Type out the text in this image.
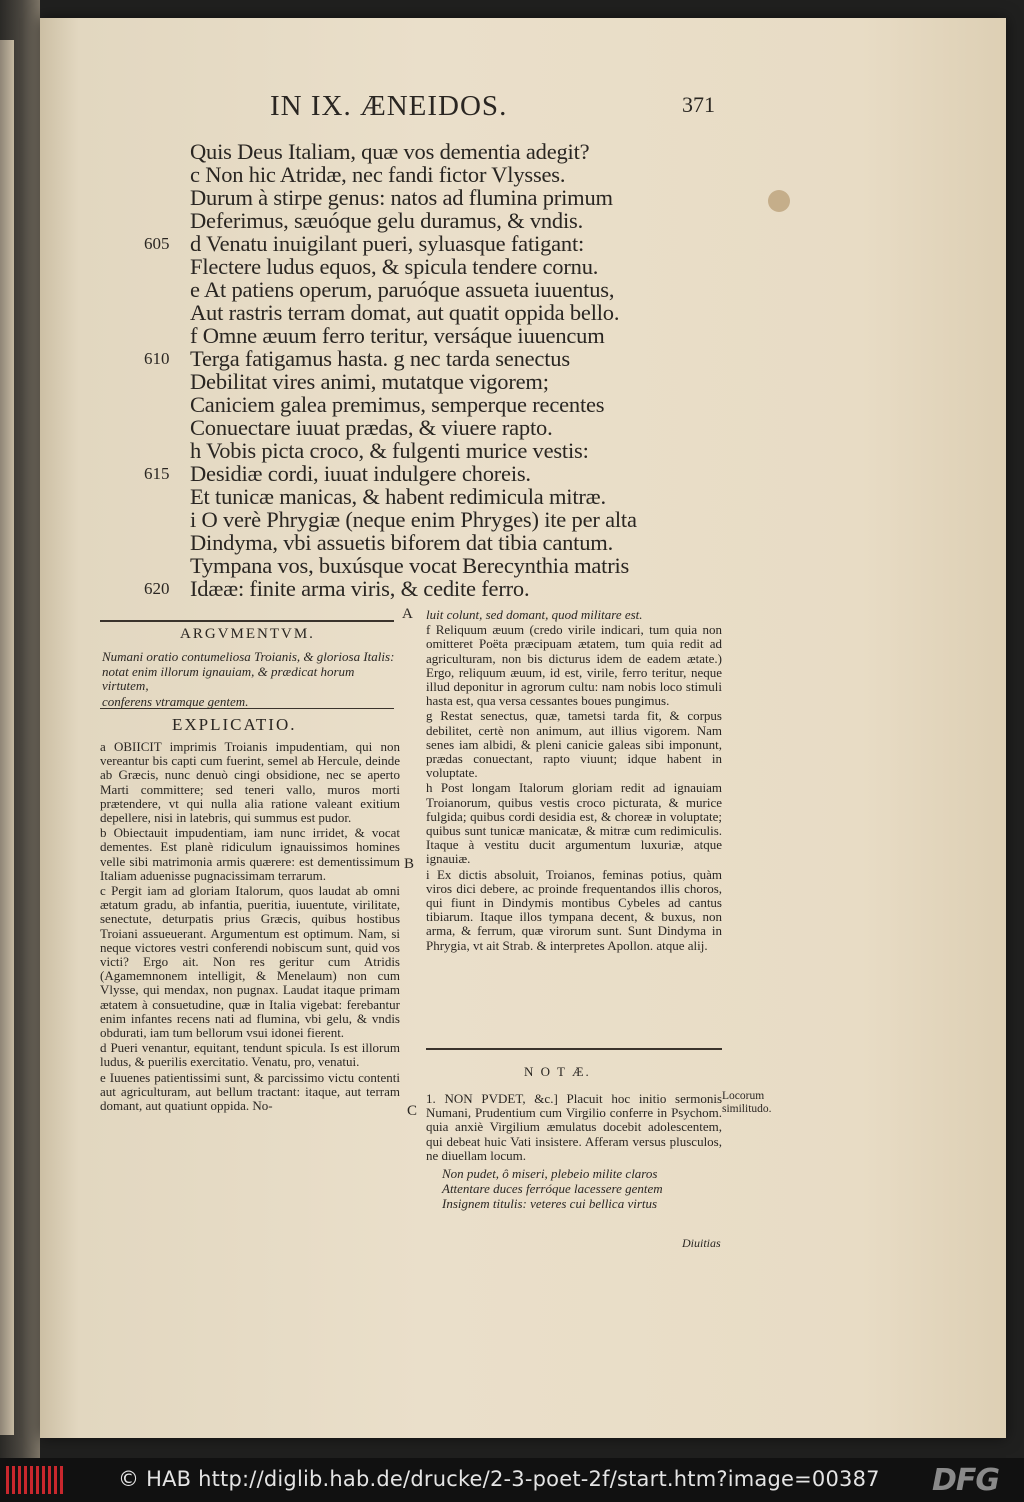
IN IX. ÆNEIDOS.	371
Quis Deus Italiam, quæ vos dementia adegit?
c Non hic Atridæ, nec fandi fictor Vlysses.
Durum à stirpe genus: natos ad flumina primum
Deferimus, sæuóque gelu duramus, & vndis.
d Venatu inuigilant pueri, syluasque fatigant:
Flectere ludus equos, & spicula tendere cornu.
e At patiens operum, paruóque assueta iuuentus,
Aut rastris terram domat, aut quatit oppida bello.
f Omne æuum ferro teritur, versáque iuuencum
Terga fatigamus hasta. g nec tarda senectus
Debilitat vires animi, mutatque vigorem;
Caniciem galea premimus, semperque recentes
Conuectare iuuat prædas, & viuere rapto.
h Vobis picta croco, & fulgenti murice vestis:
Desidiæ cordi, iuuat indulgere choreis.
Et tunicæ manicas, & habent redimicula mitræ.
i O verè Phrygiæ (neque enim Phryges) ite per alta
Dindyma, vbi assuetis biforem dat tibia cantum.
Tympana vos, buxúsque vocat Berecynthia matris
Idææ: finite arma viris, & cedite ferro.
605
610
615
620
ARGVMENTVM.

Numani oratio contumeliosa Troianis, & gloriosa Italis:

notat enim illorum ignauiam, & prædicat horum virtutem,

conferens vtramque gentem.

EXPLICATIO.

a OBIICIT imprimis Troianis impudentiam, qui non vereantur bis capti cum fuerint, semel ab Hercule, deinde ab Græcis, nunc denuò cingi obsidione, nec se aperto Marti committere; sed teneri vallo, muros morti prætendere, vt qui nulla alia ratione valeant exitium depellere, nisi in latebris, qui summus est pudor.

b Obiectauit impudentiam, iam nunc irridet, & vocat dementes. Est planè ridiculum ignauissimos homines velle sibi matrimonia armis quærere: est dementissimum Italiam aduenisse pugnacissimam terrarum.

c Pergit iam ad gloriam Italorum, quos laudat ab omni ætatum gradu, ab infantia, pueritia, iuuentute, virilitate, senectute, deturpatis prius Græcis, quibus hostibus Troiani assueuerant. Argumentum est optimum. Nam, si neque victores vestri conferendi nobiscum sunt, quid vos victi? Ergo ait. Non res geritur cum Atridis (Agamemnonem intelligit, & Menelaum) non cum Vlysse, qui mendax, non pugnax. Laudat itaque primam ætatem à consuetudine, quæ in Italia vigebat: ferebantur enim infantes recens nati ad flumina, vbi gelu, & vndis obdurati, iam tum bellorum vsui idonei fierent.

d Pueri venantur, equitant, tendunt spicula. Is est illorum ludus, & puerilis exercitatio. Venatu, pro, venatui.

e Iuuenes patientissimi sunt, & parcissimo victu contenti aut agriculturam, aut bellum tractant: itaque, aut terram domant, aut quatiunt oppida. No-

A
B
C

luit colunt, sed domant, quod militare est.

f Reliquum æuum (credo virile indicari, tum quia non omitteret Poëta præcipuam ætatem, tum quia redit ad agriculturam, non bis dicturus idem de eadem ætate.) Ergo, reliquum æuum, id est, virile, ferro teritur, neque illud deponitur in agrorum cultu: nam nobis loco stimuli hasta est, qua versa cessantes boues pungimus.

g Restat senectus, quæ, tametsi tarda fit, & corpus debilitet, certè non animum, aut illius vigorem. Nam senes iam albidi, & pleni canicie galeas sibi imponunt, prædas conuectant, rapto viuunt; idque habent in voluptate.

h Post longam Italorum gloriam redit ad ignauiam Troianorum, quibus vestis croco picturata, & murice fulgida; quibus cordi desidia est, & choreæ in voluptate; quibus sunt tunicæ manicatæ, & mitræ cum redimiculis. Itaque à vestitu ducit argumentum luxuriæ, atque ignauiæ.

i Ex dictis absoluit, Troianos, feminas potius, quàm viros dici debere, ac proinde frequentandos illis choros, qui fiunt in Dindymis montibus Cybeles ad cantus tibiarum. Itaque illos tympana decent, & buxus, non arma, & ferrum, quæ virorum sunt. Sunt Dindyma in Phrygia, vt ait Strab. & interpretes Apollon. atque alij.

N O T Æ.

1. NON PVDET, &c.] Placuit hoc initio sermonis Numani, Prudentium cum Virgilio conferre in Psychom. quia anxiè Virgilium æmulatus docebit adolescentem, qui debeat huic Vati insistere. Afferam versus plusculos, ne diuellam locum.

Non pudet, ô miseri, plebeio milite claros

Attentare duces ferróque lacessere gentem

Insignem titulis: veteres cui bellica virtus

Locorum similitudo.
Diuitias
© HAB http://diglib.hab.de/drucke/2-3-poet-2f/start.htm?image=00387 DFG
